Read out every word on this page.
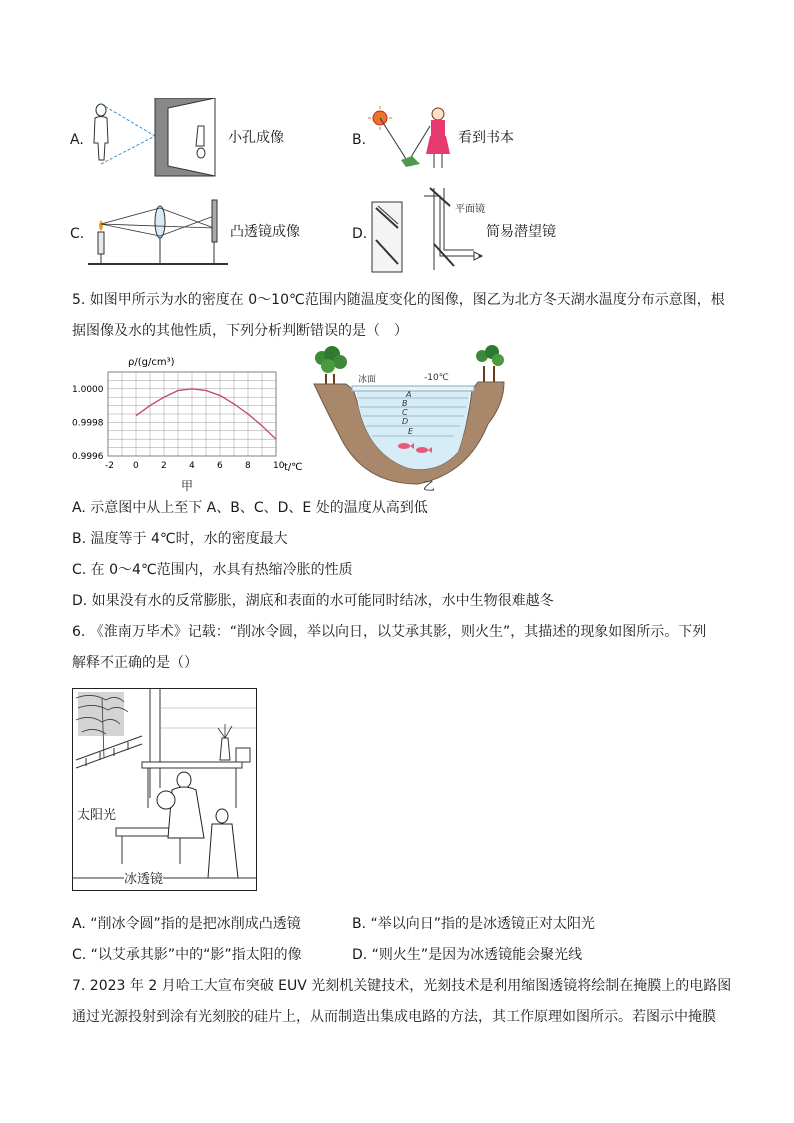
A.	小孔成像	B.	看到书本
C.	凸透镜成像	D.
平面镜
简易潜望镜
5. 如图甲所示为水的密度在 0～10℃范围内随温度变化的图像，图乙为北方冬天湖水温度分布示意图，根
据图像及水的其他性质，下列分析判断错误的是（　）
ρ/(g/cm³)
t/℃
-2 0 2 4 6 8 10
1.0000
0.9998
0.9996
甲
A
B
C
D
E
冰面	-10℃
乙
A. 示意图中从上至下 A、B、C、D、E 处的温度从高到低
B. 温度等于 4℃时，水的密度最大
C. 在 0～4℃范围内，水具有热缩冷胀的性质
D. 如果没有水的反常膨胀，湖底和表面的水可能同时结冰，水中生物很难越冬
6. 《淮南万毕术》记载：“削冰令圆，举以向日，以艾承其影，则火生”，其描述的现象如图所示。下列
解释不正确的是（）
太阳光
冰透镜
A. “削冰令圆”指的是把冰削成凸透镜	B. “举以向日”指的是冰透镜正对太阳光
C. “以艾承其影”中的“影”指太阳的像	D. “则火生”是因为冰透镜能会聚光线
7. 2023 年 2 月哈工大宣布突破 EUV 光刻机关键技术，光刻技术是利用缩图透镜将绘制在掩膜上的电路图
通过光源投射到涂有光刻胶的硅片上，从而制造出集成电路的方法，其工作原理如图所示。若图示中掩膜
